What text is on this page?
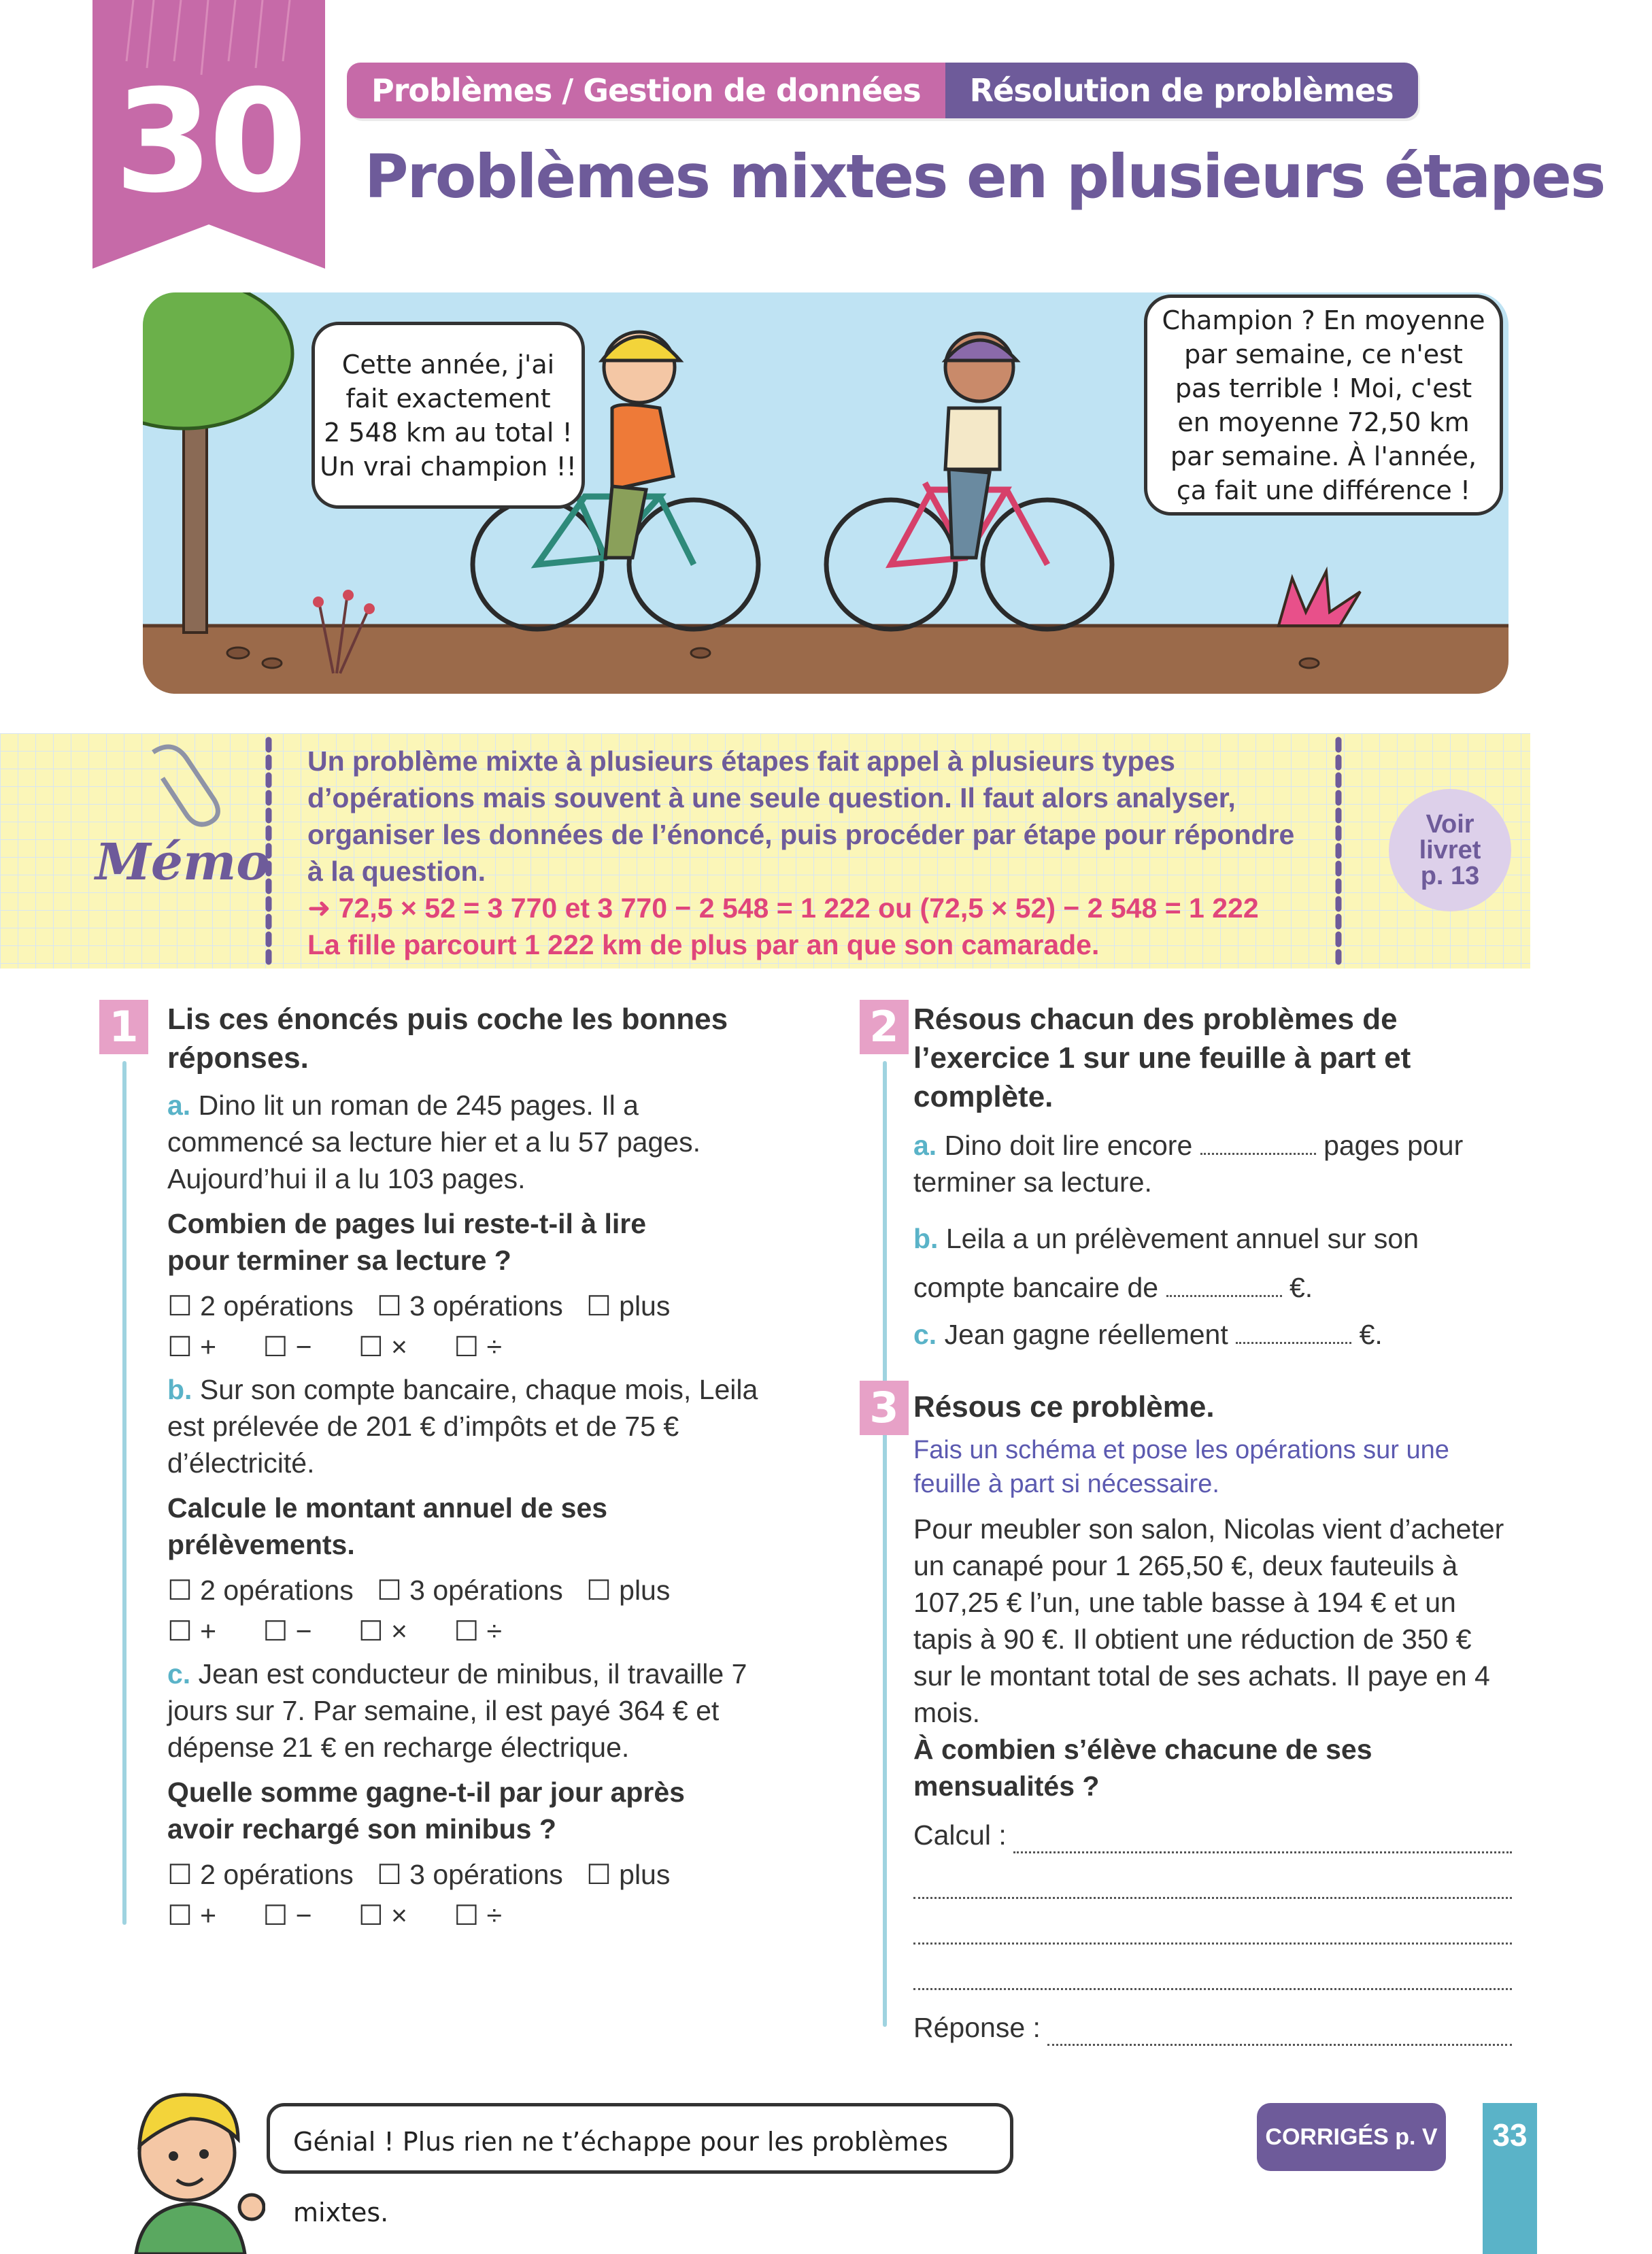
30	Problèmes / Gestion de données	Résolution de problèmes
Problèmes mixtes en plusieurs étapes
Cette année, j'ai
fait exactement
2 548 km au total !
Un vrai champion !!
Champion ? En moyenne
par semaine, ce n'est
pas terrible ! Moi, c'est
en moyenne 72,50 km
par semaine. À l'année,
ça fait une différence !
Mémo
Un problème mixte à plusieurs étapes fait appel à plusieurs types
d’opérations mais souvent à une seule question. Il faut alors analyser,
organiser les données de l’énoncé, puis procéder par étape pour répondre
à la question.
➜ 72,5 × 52 = 3 770 et 3 770 − 2 548 = 1 222 ou (72,5 × 52) − 2 548 = 1 222
La fille parcourt 1 222 km de plus par an que son camarade.
Voir
livret
p. 13
1 Lis ces énoncés puis coche les bonnes réponses.
a. Dino lit un roman de 245 pages. Il a commencé sa lecture hier et a lu 57 pages. Aujourd’hui il a lu 103 pages.
Combien de pages lui reste-t-il à lire pour terminer sa lecture ?
☐ 2 opérations ☐ 3 opérations ☐ plus
☐ + ☐ − ☐ × ☐ ÷
b. Sur son compte bancaire, chaque mois, Leila est prélevée de 201 € d’impôts et de 75 € d’électricité.
Calcule le montant annuel de ses prélèvements.
☐ 2 opérations ☐ 3 opérations ☐ plus
☐ + ☐ − ☐ × ☐ ÷
c. Jean est conducteur de minibus, il travaille 7 jours sur 7. Par semaine, il est payé 364 € et dépense 21 € en recharge électrique.
Quelle somme gagne-t-il par jour après avoir rechargé son minibus ?
☐ 2 opérations ☐ 3 opérations ☐ plus
☐ + ☐ − ☐ × ☐ ÷
2 Résous chacun des problèmes de l’exercice 1 sur une feuille à part et complète.
a. Dino doit lire encore	pages pour terminer sa lecture.
b. Leila a un prélèvement annuel sur son compte bancaire de	€.
c. Jean gagne réellement	€.
3 Résous ce problème.
Fais un schéma et pose les opérations sur une feuille à part si nécessaire.
Pour meubler son salon, Nicolas vient d’acheter un canapé pour 1 265,50 €, deux fauteuils à 107,25 € l’un, une table basse à 194 € et un tapis à 90 €. Il obtient une réduction de 350 € sur le montant total de ses achats. Il paye en 4 mois.
À combien s’élève chacune de ses mensualités ?
Calcul :
Réponse :
Génial ! Plus rien ne t’échappe pour les problèmes mixtes.
CORRIGÉS p. V	33
